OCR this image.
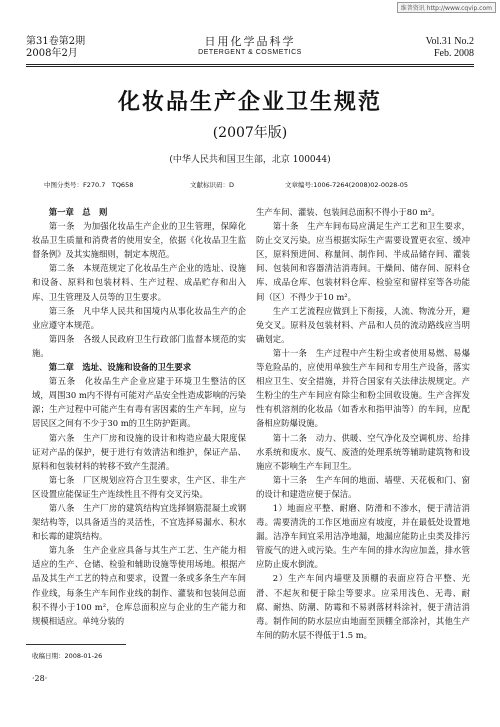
维普资讯 http://www.cqvip.com
第31卷第2期
2008年2月
日用化学品科学
DETERGENT & COSMETICS
Vol.31 No.2
Feb. 2008
化妆品生产企业卫生规范
(2007年版)
(中华人民共和国卫生部，北京 100044)
中图分类号：F270.7　TQ658	文献标识码：D	文章编号:1006-7264(2008)02-0028-05

第一章　总　则

第一条　为加强化妆品生产企业的卫生管理，保障化妆品卫生质量和消费者的使用安全，依据《化妆品卫生监督条例》及其实施细则，制定本规范。

第二条　本规范规定了化妆品生产企业的选址、设施和设备、原料和包装材料、生产过程、成品贮存和出入库、卫生管理及人员等的卫生要求。

第三条　凡中华人民共和国境内从事化妆品生产的企业应遵守本规范。

第四条　各级人民政府卫生行政部门监督本规范的实施。

第二章　选址、设施和设备的卫生要求

第五条　化妆品生产企业应建于环境卫生整洁的区域，周围30 m内不得有可能对产品安全性造成影响的污染源；生产过程中可能产生有毒有害因素的生产车间，应与居民区之间有不少于30 m的卫生防护距离。

第六条　生产厂房和设施的设计和构造应最大限度保证对产品的保护，便于进行有效清洁和维护，保证产品、原料和包装材料的转移不致产生混淆。

第七条　厂区规划应符合卫生要求，生产区、非生产区设置应能保证生产连续性且不得有交叉污染。

第八条　生产厂房的建筑结构宜选择钢筋混凝土或钢架结构等，以具备适当的灵活性，不宜选择易漏水、积水和长霉的建筑结构。

第九条　生产企业应具备与其生产工艺、生产能力相适应的生产、仓储、检验和辅助设施等使用场地。根据产品及其生产工艺的特点和要求，设置一条或多条生产车间作业线，每条生产车间作业线的制作、灌装和包装间总面积不得小于100 m²，仓库总面积应与企业的生产能力和规模相适应。单纯分装的

生产车间、灌装、包装间总面积不得小于80 m²。

第十条　生产车间布局应满足生产工艺和卫生要求，防止交叉污染。应当根据实际生产需要设置更衣室、缓冲区，原料预进间、称量间、制作间、半成品储存间、灌装间、包装间和容器清洁消毒间。干燥间、储存间、原料仓库、成品仓库、包装材料仓库、检验室和留样室等各功能间（区）不得少于10 m²。

生产工艺流程应做到上下衔接，人流、物流分开，避免交叉。原料及包装材料、产品和人员的流动路线应当明确划定。

第十一条　生产过程中产生粉尘或者使用易燃、易爆等危险品的，应使用单独生产车间和专用生产设备，落实相应卫生、安全措施，并符合国家有关法律法规规定。产生粉尘的生产车间应有除尘和粉尘回收设施。生产含挥发性有机溶剂的化妆品（如香水和指甲油等）的车间，应配备相应防爆设施。

第十二条　动力、供暖、空气净化及空调机房、给排水系统和废水、废气、废渣的处理系统等辅助建筑物和设施应不影响生产车间卫生。

第十三条　生产车间的地面、墙壁、天花板和门、窗的设计和建造应便于保洁。

1）地面应平整、耐磨、防滑和不渗水，便于清洁消毒。需要清洗的工作区地面应有坡度，并在最低处设置地漏。洁净车间宜采用洁净地漏，地漏应能防止虫类及排污管废气的进入或污染。生产车间的排水沟应加盖，排水管应防止废水倒流。

2）生产车间内墙壁及顶棚的表面应符合平整、光滑、不起灰和便于除尘等要求。应采用浅色、无毒、耐腐、耐热、防潮、防霉和不易剥落材料涂衬，便于清洁消毒。制作间的防水层应由地面至顶棚全部涂衬，其他生产车间的防水层不得低于1.5 m。

收稿日期：2008-01-26
·28·
